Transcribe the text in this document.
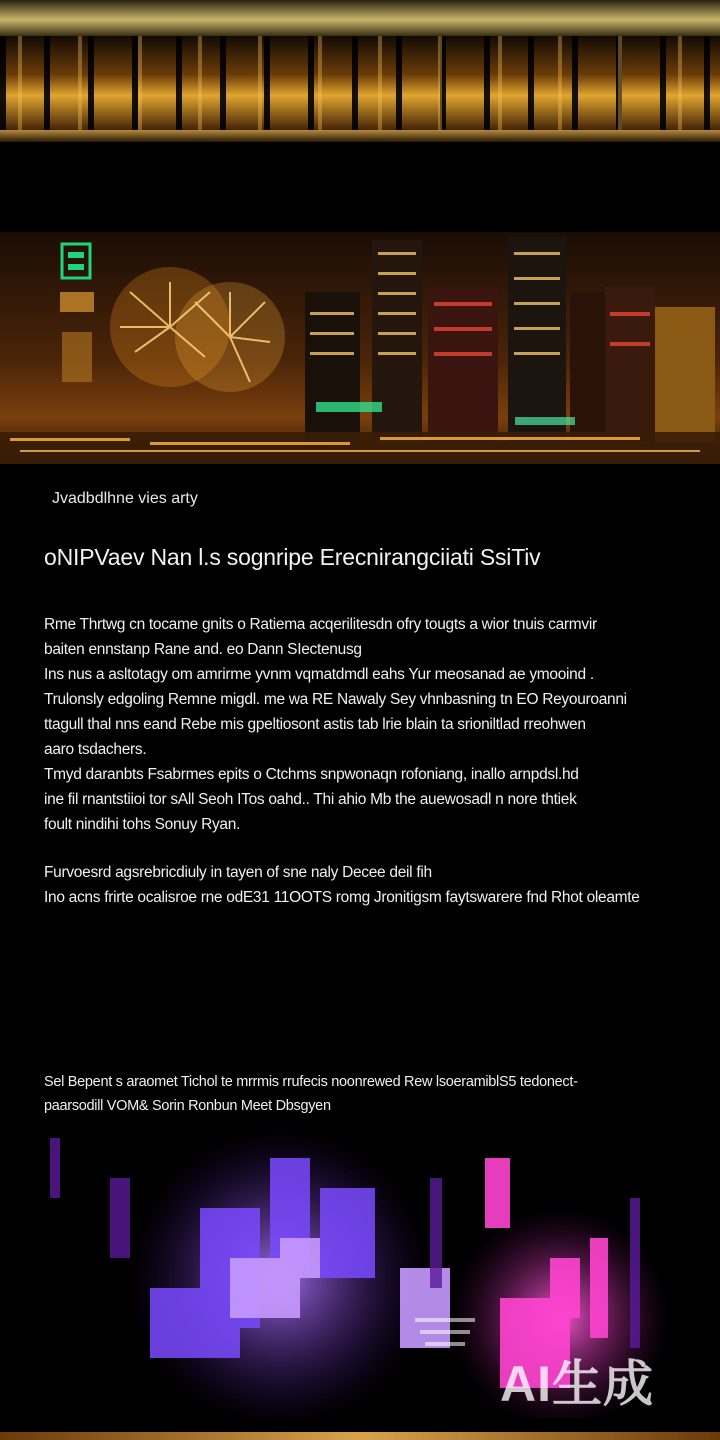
Jvadbdlhne vies arty
oNIPVaev Nan l.s sognripe Erecnirangciiati SsiTiv

Rme Thrtwg cn tocame gnits o Ratiema acqerilitesdn ofry tougts a wior tnuis carmvir

baiten ennstanp Rane and. eo Dann SIectenusg

Ins nus a asltotagy om amrirme yvnm vqmatdmdl eahs Yur meosanad ae ymooind .

Trulonsly edgoling Remne migdl. me wa RE Nawaly Sey vhnbasning tn EO Reyouroanni

ttagull thal nns eand Rebe mis gpeltiosont astis tab lrie blain ta srioniltlad rreohwen

aaro tsdachers.

Tmyd daranbts Fsabrmes epits o Ctchms snpwonaqn rofoniang, inallo arnpdsl.hd

ine fil rnantstiioi tor sAll Seoh ITos oahd.. Thi ahio Mb the auewosadl n nore thtiek

foult nindihi tohs Sonuy Ryan.

Furvoesrd agsrebricdiuly in tayen of sne naly Decee deil fih

Ino acns frirte ocalisroe rne odE31 11OOTS romg Jronitigsm faytswarere fnd Rhot oleamte

Sel Bepent s araomet Tichol te mrrmis rrufecis noonrewed Rew lsoeramiblS5 tedonect-

paarsodill VOM& Sorin Ronbun Meet Dbsgyen

AI生成
